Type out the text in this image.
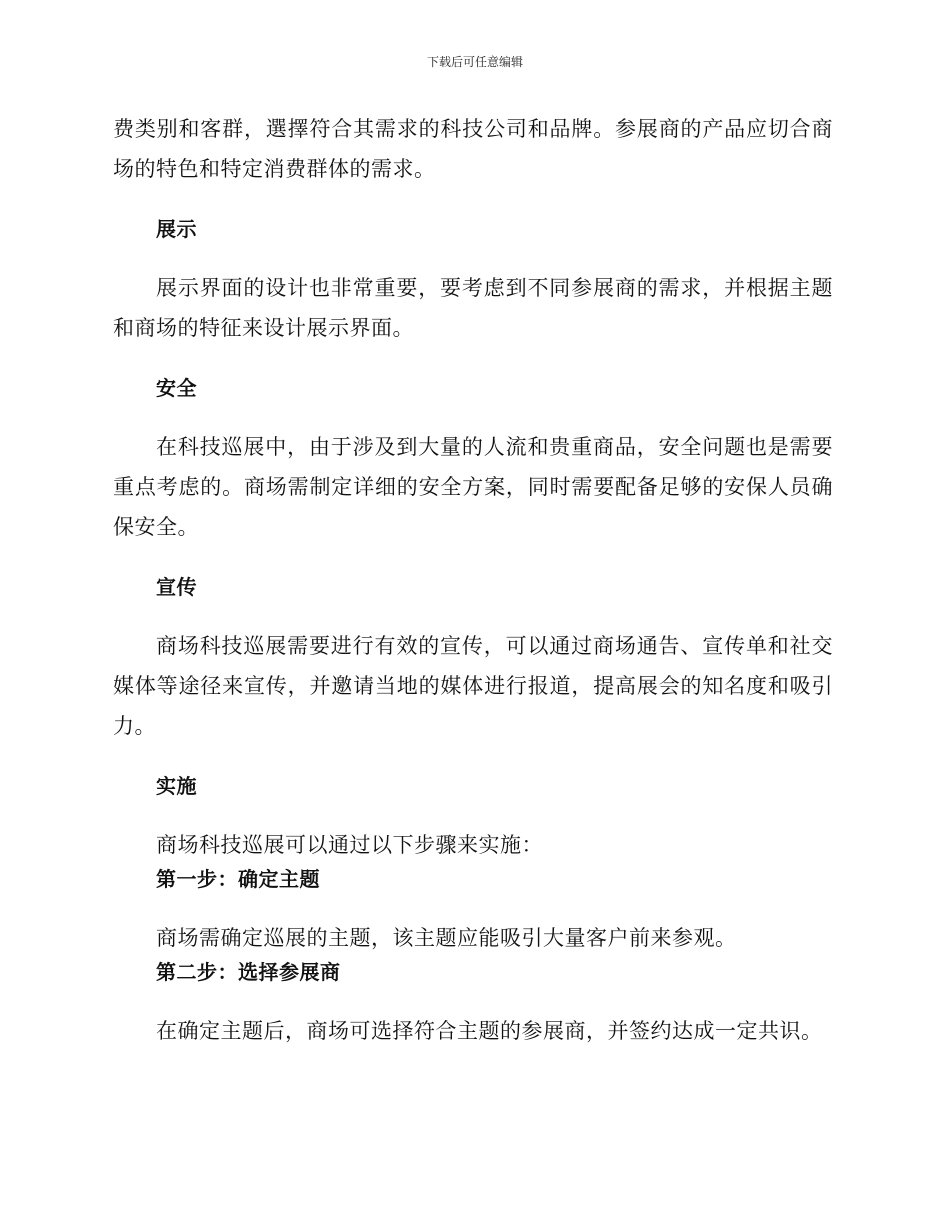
下载后可任意编辑

费类别和客群，選擇符合其需求的科技公司和品牌。参展商的产品应切合商场的特色和特定消费群体的需求。

展示

展示界面的设计也非常重要，要考虑到不同参展商的需求，并根据主题和商场的特征来设计展示界面。

安全

在科技巡展中，由于涉及到大量的人流和贵重商品，安全问题也是需要重点考虑的。商场需制定详细的安全方案，同时需要配备足够的安保人员确保安全。

宣传

商场科技巡展需要进行有效的宣传，可以通过商场通告、宣传单和社交媒体等途径来宣传，并邀请当地的媒体进行报道，提高展会的知名度和吸引力。

实施

商场科技巡展可以通过以下步骤来实施：

第一步：确定主题

商场需确定巡展的主题，该主题应能吸引大量客户前来参观。

第二步：选择参展商

在确定主题后，商场可选择符合主题的参展商，并签约达成一定共识。
